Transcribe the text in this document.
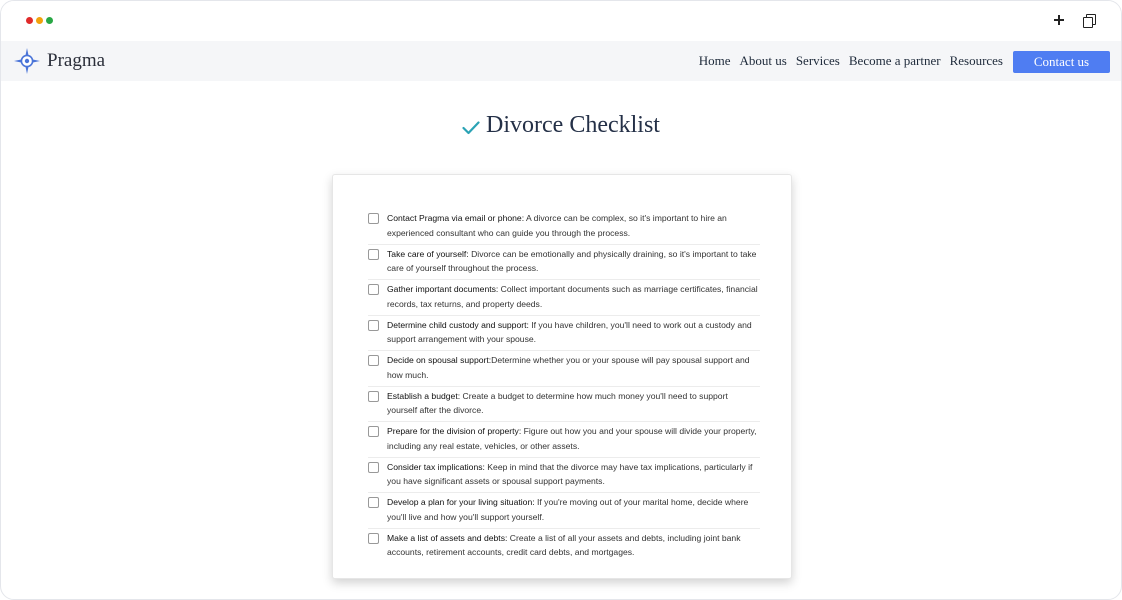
Pragma	Home About us Services Become a partner Resources	Contact us
Divorce Checklist
Contact Pragma via email or phone: A divorce can be complex, so it's important to hire an experienced consultant who can guide you through the process.
Take care of yourself: Divorce can be emotionally and physically draining, so it's important to take care of yourself throughout the process.
Gather important documents: Collect important documents such as marriage certificates, financial records, tax returns, and property deeds.
Determine child custody and support: If you have children, you'll need to work out a custody and support arrangement with your spouse.
Decide on spousal support:Determine whether you or your spouse will pay spousal support and how much.
Establish a budget: Create a budget to determine how much money you'll need to support yourself after the divorce.
Prepare for the division of property: Figure out how you and your spouse will divide your property, including any real estate, vehicles, or other assets.
Consider tax implications: Keep in mind that the divorce may have tax implications, particularly if you have significant assets or spousal support payments.
Develop a plan for your living situation: If you're moving out of your marital home, decide where you'll live and how you'll support yourself.
Make a list of assets and debts: Create a list of all your assets and debts, including joint bank accounts, retirement accounts, credit card debts, and mortgages.
